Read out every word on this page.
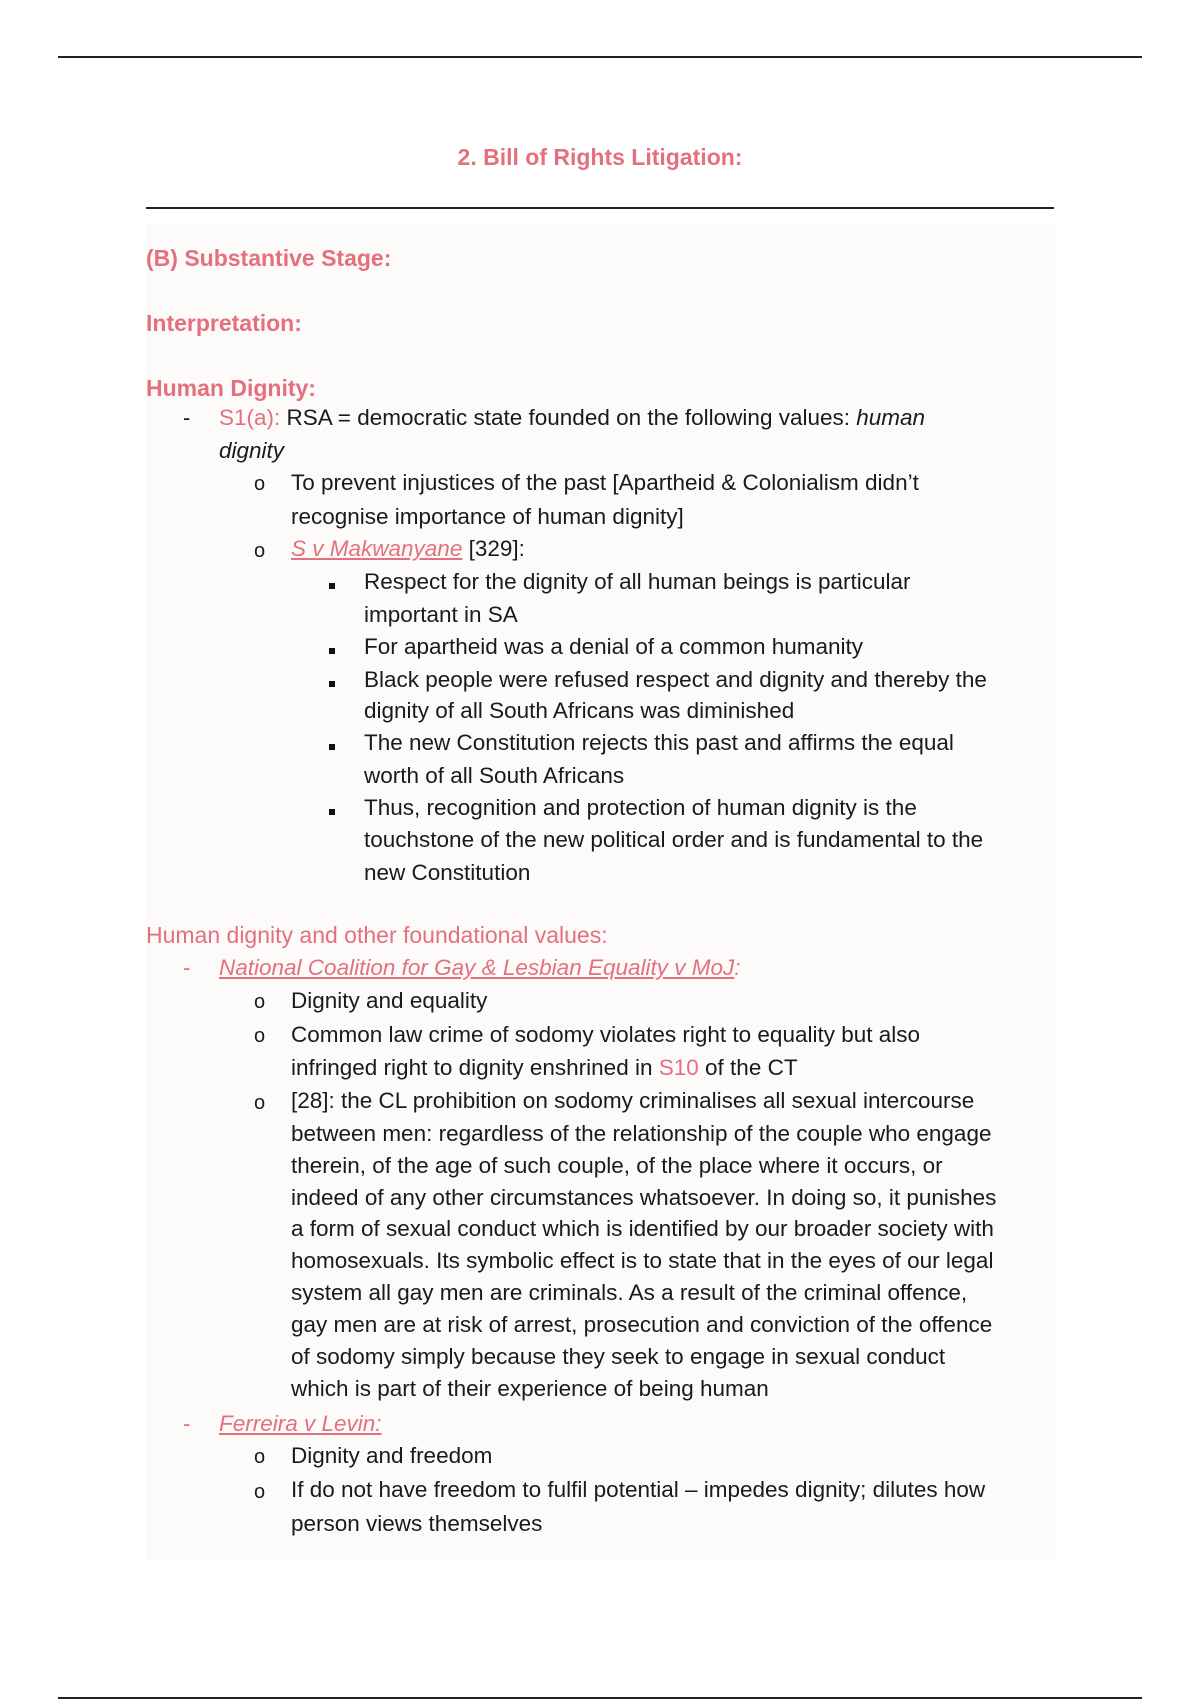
2. Bill of Rights Litigation:
(B) Substantive Stage:
Interpretation:
Human Dignity:
- S1(a): RSA = democratic state founded on the following values: human
dignity
o To prevent injustices of the past [Apartheid & Colonialism didn’t
recognise importance of human dignity]
o S v Makwanyane [329]:
Respect for the dignity of all human beings is particular
important in SA
For apartheid was a denial of a common humanity
Black people were refused respect and dignity and thereby the
dignity of all South Africans was diminished
The new Constitution rejects this past and affirms the equal
worth of all South Africans
Thus, recognition and protection of human dignity is the
touchstone of the new political order and is fundamental to the
new Constitution
Human dignity and other foundational values:
- National Coalition for Gay & Lesbian Equality v MoJ:
o Dignity and equality
o Common law crime of sodomy violates right to equality but also
infringed right to dignity enshrined in S10 of the CT
o [28]: the CL prohibition on sodomy criminalises all sexual intercourse
between men: regardless of the relationship of the couple who engage
therein, of the age of such couple, of the place where it occurs, or
indeed of any other circumstances whatsoever. In doing so, it punishes
a form of sexual conduct which is identified by our broader society with
homosexuals. Its symbolic effect is to state that in the eyes of our legal
system all gay men are criminals. As a result of the criminal offence,
gay men are at risk of arrest, prosecution and conviction of the offence
of sodomy simply because they seek to engage in sexual conduct
which is part of their experience of being human
- Ferreira v Levin:
o Dignity and freedom
o If do not have freedom to fulfil potential – impedes dignity; dilutes how
person views themselves
